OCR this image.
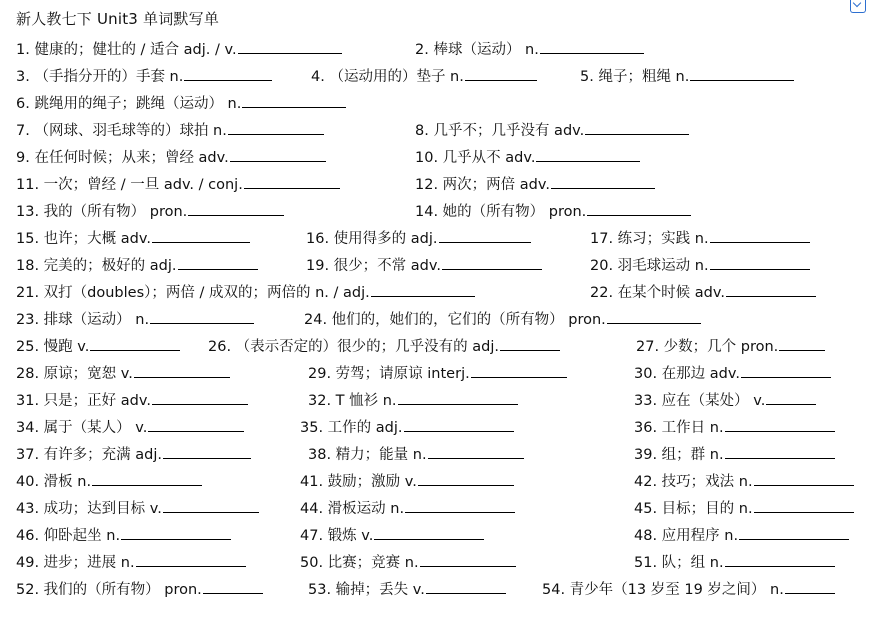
新人教七下 Unit3 单词默写单
1. 健康的；健壮的 / 适合 adj. / v.	2. 棒球（运动） n.
3. （手指分开的）手套 n.	4. （运动用的）垫子 n.	5. 绳子；粗绳 n.
6. 跳绳用的绳子；跳绳（运动） n.
7. （网球、羽毛球等的）球拍 n.	8. 几乎不；几乎没有 adv.
9. 在任何时候；从来；曾经 adv.	10. 几乎从不 adv.
11. 一次；曾经 / 一旦 adv. / conj.	12. 两次；两倍 adv.
13. 我的（所有物） pron.	14. 她的（所有物） pron.
15. 也许；大概 adv.	16. 使用得多的 adj.	17. 练习；实践 n.
18. 完美的；极好的 adj.	19. 很少；不常 adv.	20. 羽毛球运动 n.
21. 双打（doubles）；两倍 / 成双的；两倍的 n. / adj.	22. 在某个时候 adv.
23. 排球（运动） n.	24. 他们的，她们的，它们的（所有物） pron.
25. 慢跑 v.	26. （表示否定的）很少的；几乎没有的 adj.	27. 少数；几个 pron.
28. 原谅；宽恕 v.	29. 劳驾；请原谅 interj.	30. 在那边 adv.
31. 只是；正好 adv.	32. T 恤衫 n.	33. 应在（某处） v.
34. 属于（某人） v.	35. 工作的 adj.	36. 工作日 n.
37. 有许多；充满 adj.	38. 精力；能量 n.	39. 组；群 n.
40. 滑板 n.	41. 鼓励；激励 v.	42. 技巧；戏法 n.
43. 成功；达到目标 v.	44. 滑板运动 n.	45. 目标；目的 n.
46. 仰卧起坐 n.	47. 锻炼 v.	48. 应用程序 n.
49. 进步；进展 n.	50. 比赛；竞赛 n.	51. 队；组 n.
52. 我们的（所有物） pron.	53. 输掉；丢失 v.	54. 青少年（13 岁至 19 岁之间） n.
